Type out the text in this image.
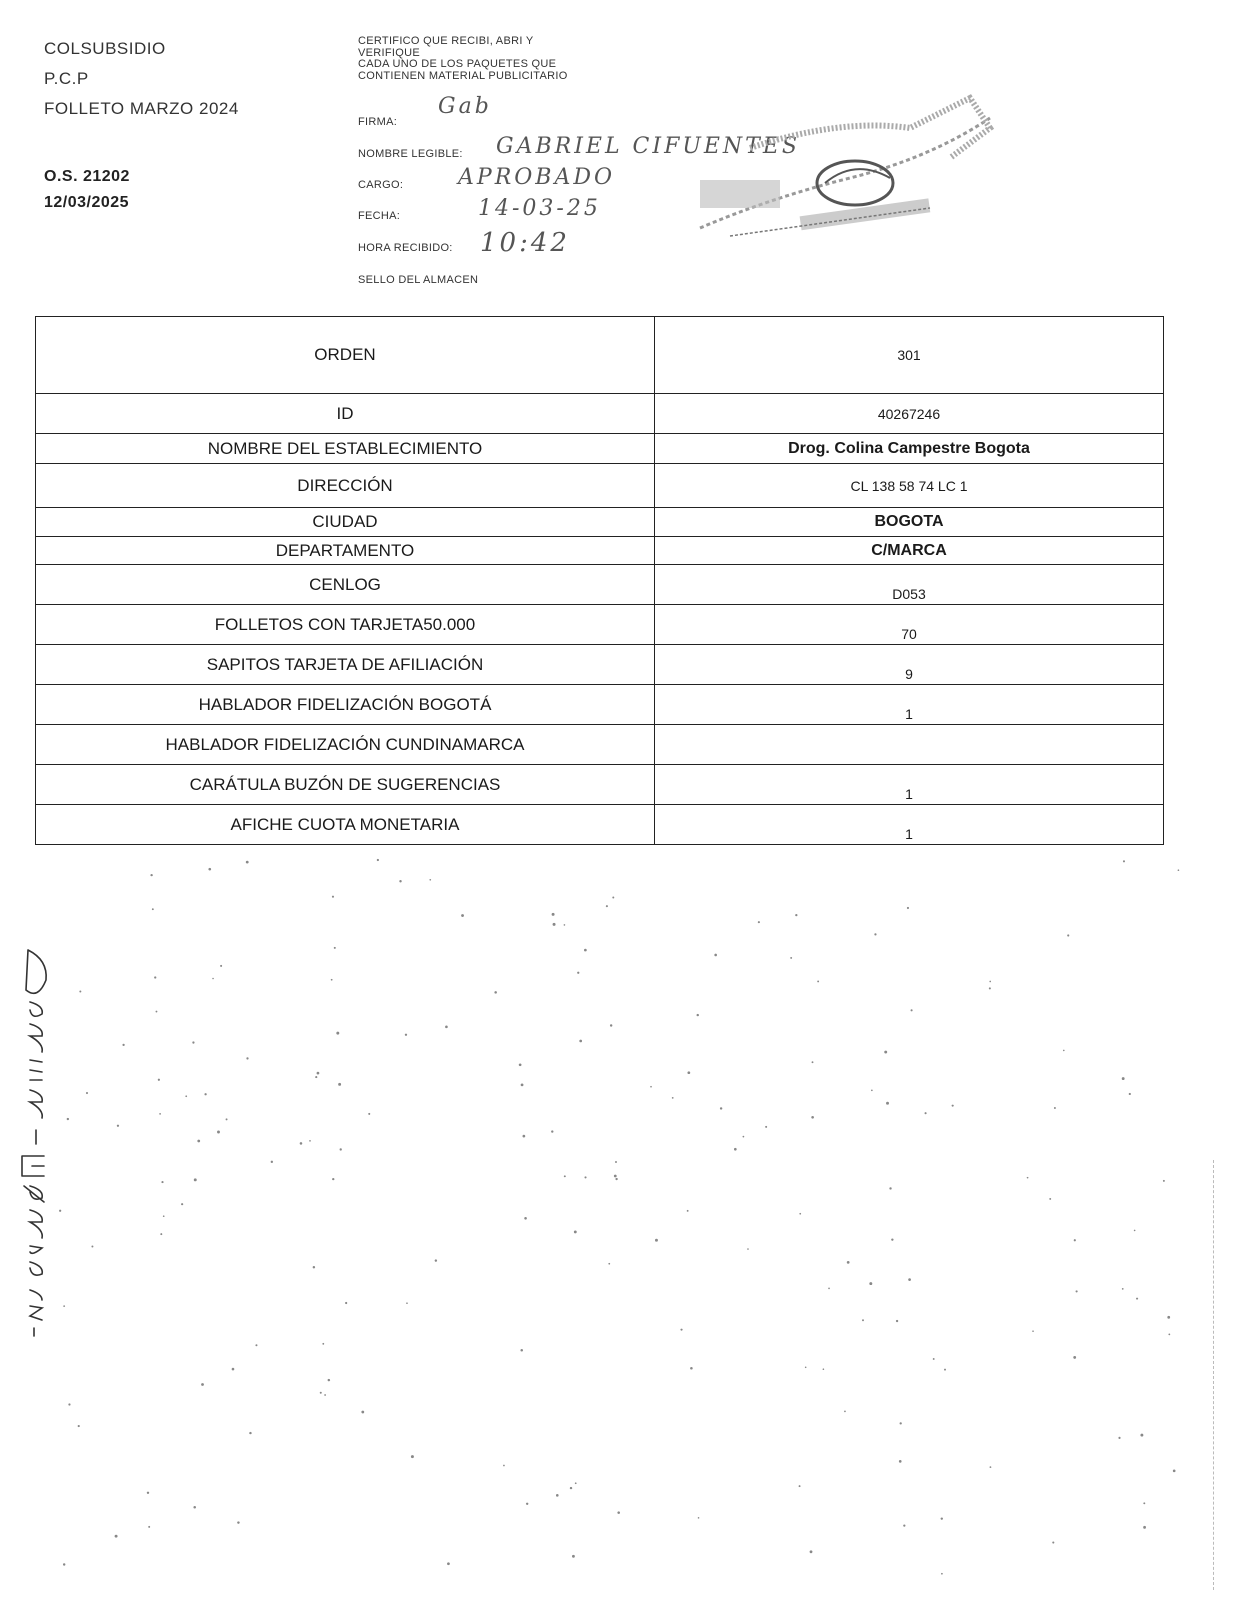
COLSUBSIDIO
P.C.P
FOLLETO MARZO 2024
O.S. 21202
12/03/2025
CERTIFICO QUE RECIBI, ABRI Y
VERIFIQUE
CADA UNO DE LOS PAQUETES QUE
CONTIENEN MATERIAL PUBLICITARIO
FIRMA:
Gab
NOMBRE LEGIBLE: GABRIEL CIFUENTES
CARGO: APROBADO
FECHA:	14-03-25
HORA RECIBIDO: 10:42
SELLO DEL ALMACEN
ORDEN	301
ID	40267246
NOMBRE DEL ESTABLECIMIENTO	Drog. Colina Campestre Bogota
DIRECCIÓN	CL 138 58 74 LC 1
CIUDAD	BOGOTA
DEPARTAMENTO	C/MARCA
CENLOG	D053
FOLLETOS CON TARJETA50.000	70
SAPITOS TARJETA DE AFILIACIÓN	9
HABLADOR FIDELIZACIÓN BOGOTÁ	1
HABLADOR FIDELIZACIÓN CUNDINAMARCA	
CARÁTULA BUZÓN DE SUGERENCIAS	1
AFICHE CUOTA MONETARIA	1
